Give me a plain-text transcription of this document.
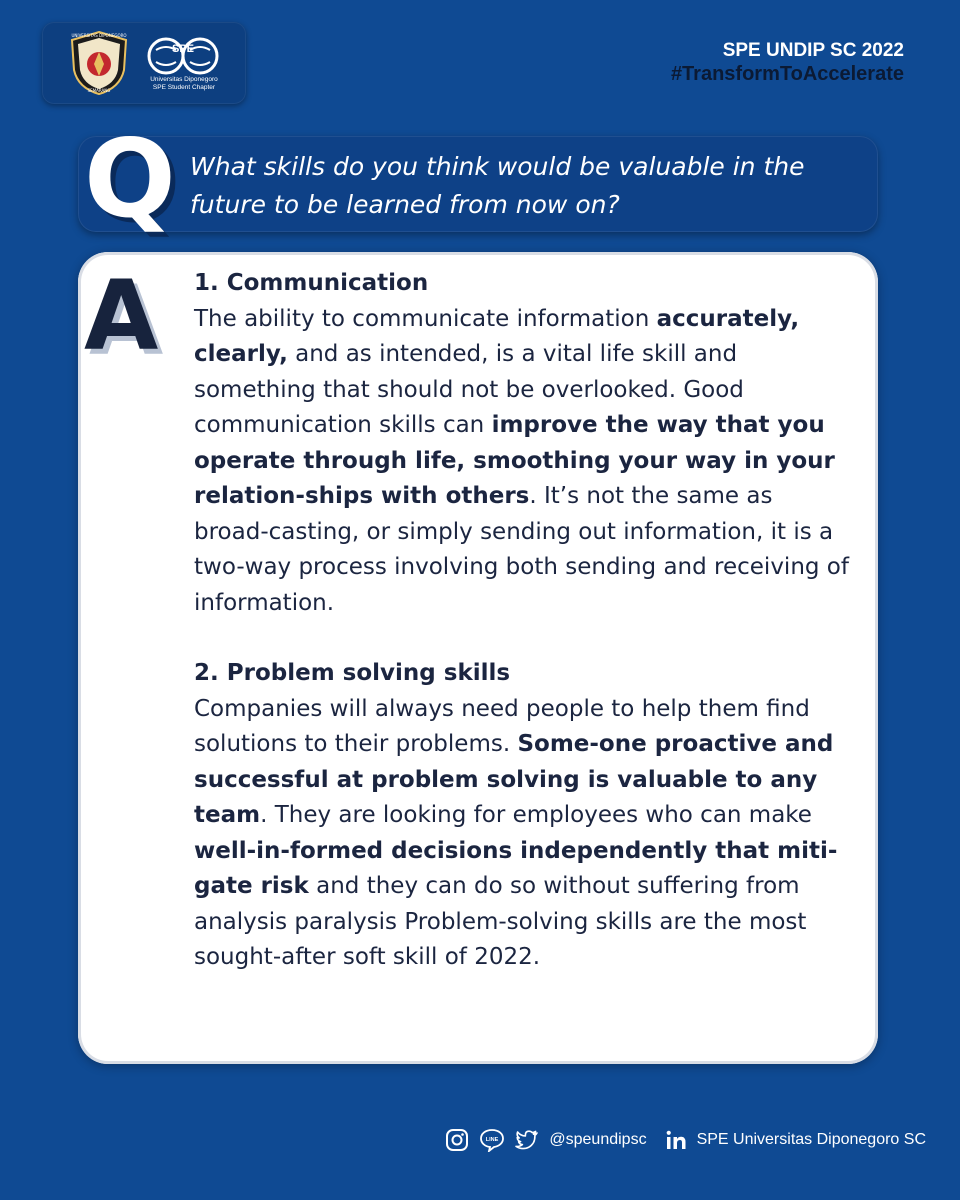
UNIVERSITAS DIPONEGORO
SEMARANG
SPE
Universitas Diponegoro
SPE Student Chapter
SPE UNDIP SC 2022
#TransformToAccelerate
Q What skills do you think would be valuable in the future to be learned from now on?
A 1. Communication

The ability to communicate information accurately, clearly, and as intended, is a vital life skill and something that should not be overlooked. Good communication skills can improve the way that you operate through life, smoothing your way in your relation-ships with others. It’s not the same as broad-casting, or simply sending out information, it is a two-way process involving both sending and receiving of information.

2. Problem solving skills

Companies will always need people to help them find solutions to their problems. Some-one proactive and successful at problem solving is valuable to any team. They are looking for employees who can make well-in-formed decisions independently that miti-gate risk and they can do so without suffering from analysis paralysis Problem-solving skills are the most sought-after soft skill of 2022.

LINE	@speundipsc	SPE Universitas Diponegoro SC
